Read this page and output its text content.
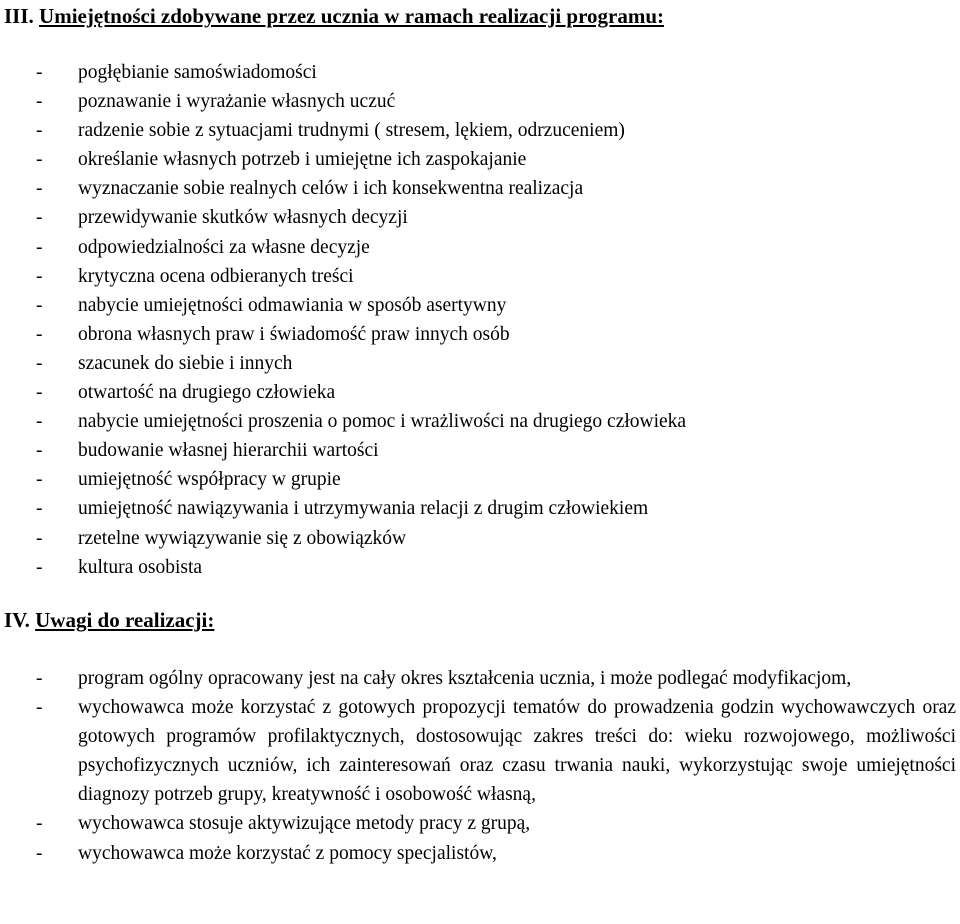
III. Umiejętności zdobywane przez ucznia w ramach realizacji programu:
- pogłębianie samoświadomości
- poznawanie i wyrażanie własnych uczuć
- radzenie sobie z sytuacjami trudnymi ( stresem, lękiem, odrzuceniem)
- określanie własnych potrzeb i umiejętne ich zaspokajanie
- wyznaczanie sobie realnych celów i ich konsekwentna realizacja
- przewidywanie skutków własnych decyzji
- odpowiedzialności za własne decyzje
- krytyczna ocena odbieranych treści
- nabycie umiejętności odmawiania w sposób asertywny
- obrona własnych praw i świadomość praw innych osób
- szacunek do siebie i innych
- otwartość na drugiego człowieka
- nabycie umiejętności proszenia o pomoc i wrażliwości na drugiego człowieka
- budowanie własnej hierarchii wartości
- umiejętność współpracy w grupie
- umiejętność nawiązywania i utrzymywania relacji z drugim człowiekiem
- rzetelne wywiązywanie się z obowiązków
- kultura osobista
IV. Uwagi do realizacji:
- program ogólny opracowany jest na cały okres kształcenia ucznia, i może podlegać modyfikacjom,
- wychowawca może korzystać z gotowych propozycji tematów do prowadzenia godzin wychowawczych oraz gotowych programów profilaktycznych, dostosowując zakres treści do: wieku rozwojowego, możliwości psychofizycznych uczniów, ich zainteresowań oraz czasu trwania nauki, wykorzystując swoje umiejętności diagnozy potrzeb grupy, kreatywność i osobowość własną,
- wychowawca stosuje aktywizujące metody pracy z grupą,
- wychowawca może korzystać z pomocy specjalistów,
